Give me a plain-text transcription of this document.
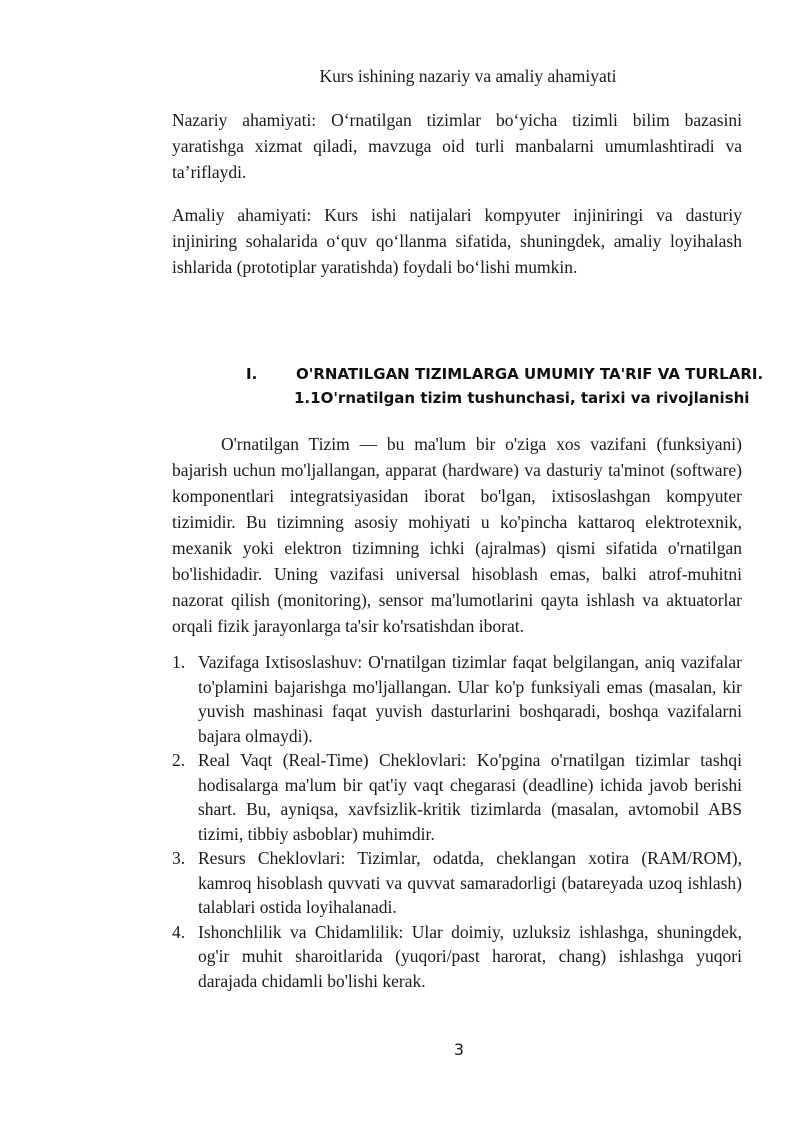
Kurs ishining nazariy va amaliy ahamiyati

Nazariy ahamiyati: O‘rnatilgan tizimlar bo‘yicha tizimli bilim bazasini yaratishga xizmat qiladi, mavzuga oid turli manbalarni umumlashtiradi va ta’riflaydi.

Amaliy ahamiyati: Kurs ishi natijalari kompyuter injiniringi va dasturiy injiniring sohalarida o‘quv qo‘llanma sifatida, shuningdek, amaliy loyihalash ishlarida (prototiplar yaratishda) foydali bo‘lishi mumkin.

I.	O'RNATILGAN TIZIMLARGA UMUMIY TA'RIF VA TURLARI.
1.1O'rnatilgan tizim tushunchasi, tarixi va rivojlanishi

O'rnatilgan Tizim — bu ma'lum bir o'ziga xos vazifani (funksiyani) bajarish uchun mo'ljallangan, apparat (hardware) va dasturiy ta'minot (software) komponentlari integratsiyasidan iborat bo'lgan, ixtisoslashgan kompyuter tizimidir. Bu tizimning asosiy mohiyati u ko'pincha kattaroq elektrotexnik, mexanik yoki elektron tizimning ichki (ajralmas) qismi sifatida o'rnatilgan bo'lishidadir. Uning vazifasi universal hisoblash emas, balki atrof-muhitni nazorat qilish (monitoring), sensor ma'lumotlarini qayta ishlash va aktuatorlar orqali fizik jarayonlarga ta'sir ko'rsatishdan iborat.

1. Vazifaga Ixtisoslashuv: O'rnatilgan tizimlar faqat belgilangan, aniq vazifalar to'plamini bajarishga mo'ljallangan. Ular ko'p funksiyali emas (masalan, kir yuvish mashinasi faqat yuvish dasturlarini boshqaradi, boshqa vazifalarni bajara olmaydi).
2. Real Vaqt (Real-Time) Cheklovlari: Ko'pgina o'rnatilgan tizimlar tashqi hodisalarga ma'lum bir qat'iy vaqt chegarasi (deadline) ichida javob berishi shart. Bu, ayniqsa, xavfsizlik-kritik tizimlarda (masalan, avtomobil ABS tizimi, tibbiy asboblar) muhimdir.
3. Resurs Cheklovlari: Tizimlar, odatda, cheklangan xotira (RAM/ROM), kamroq hisoblash quvvati va quvvat samaradorligi (batareyada uzoq ishlash) talablari ostida loyihalanadi.
4. Ishonchlilik va Chidamlilik: Ular doimiy, uzluksiz ishlashga, shuningdek, og'ir muhit sharoitlarida (yuqori/past harorat, chang) ishlashga yuqori darajada chidamli bo'lishi kerak.
3
